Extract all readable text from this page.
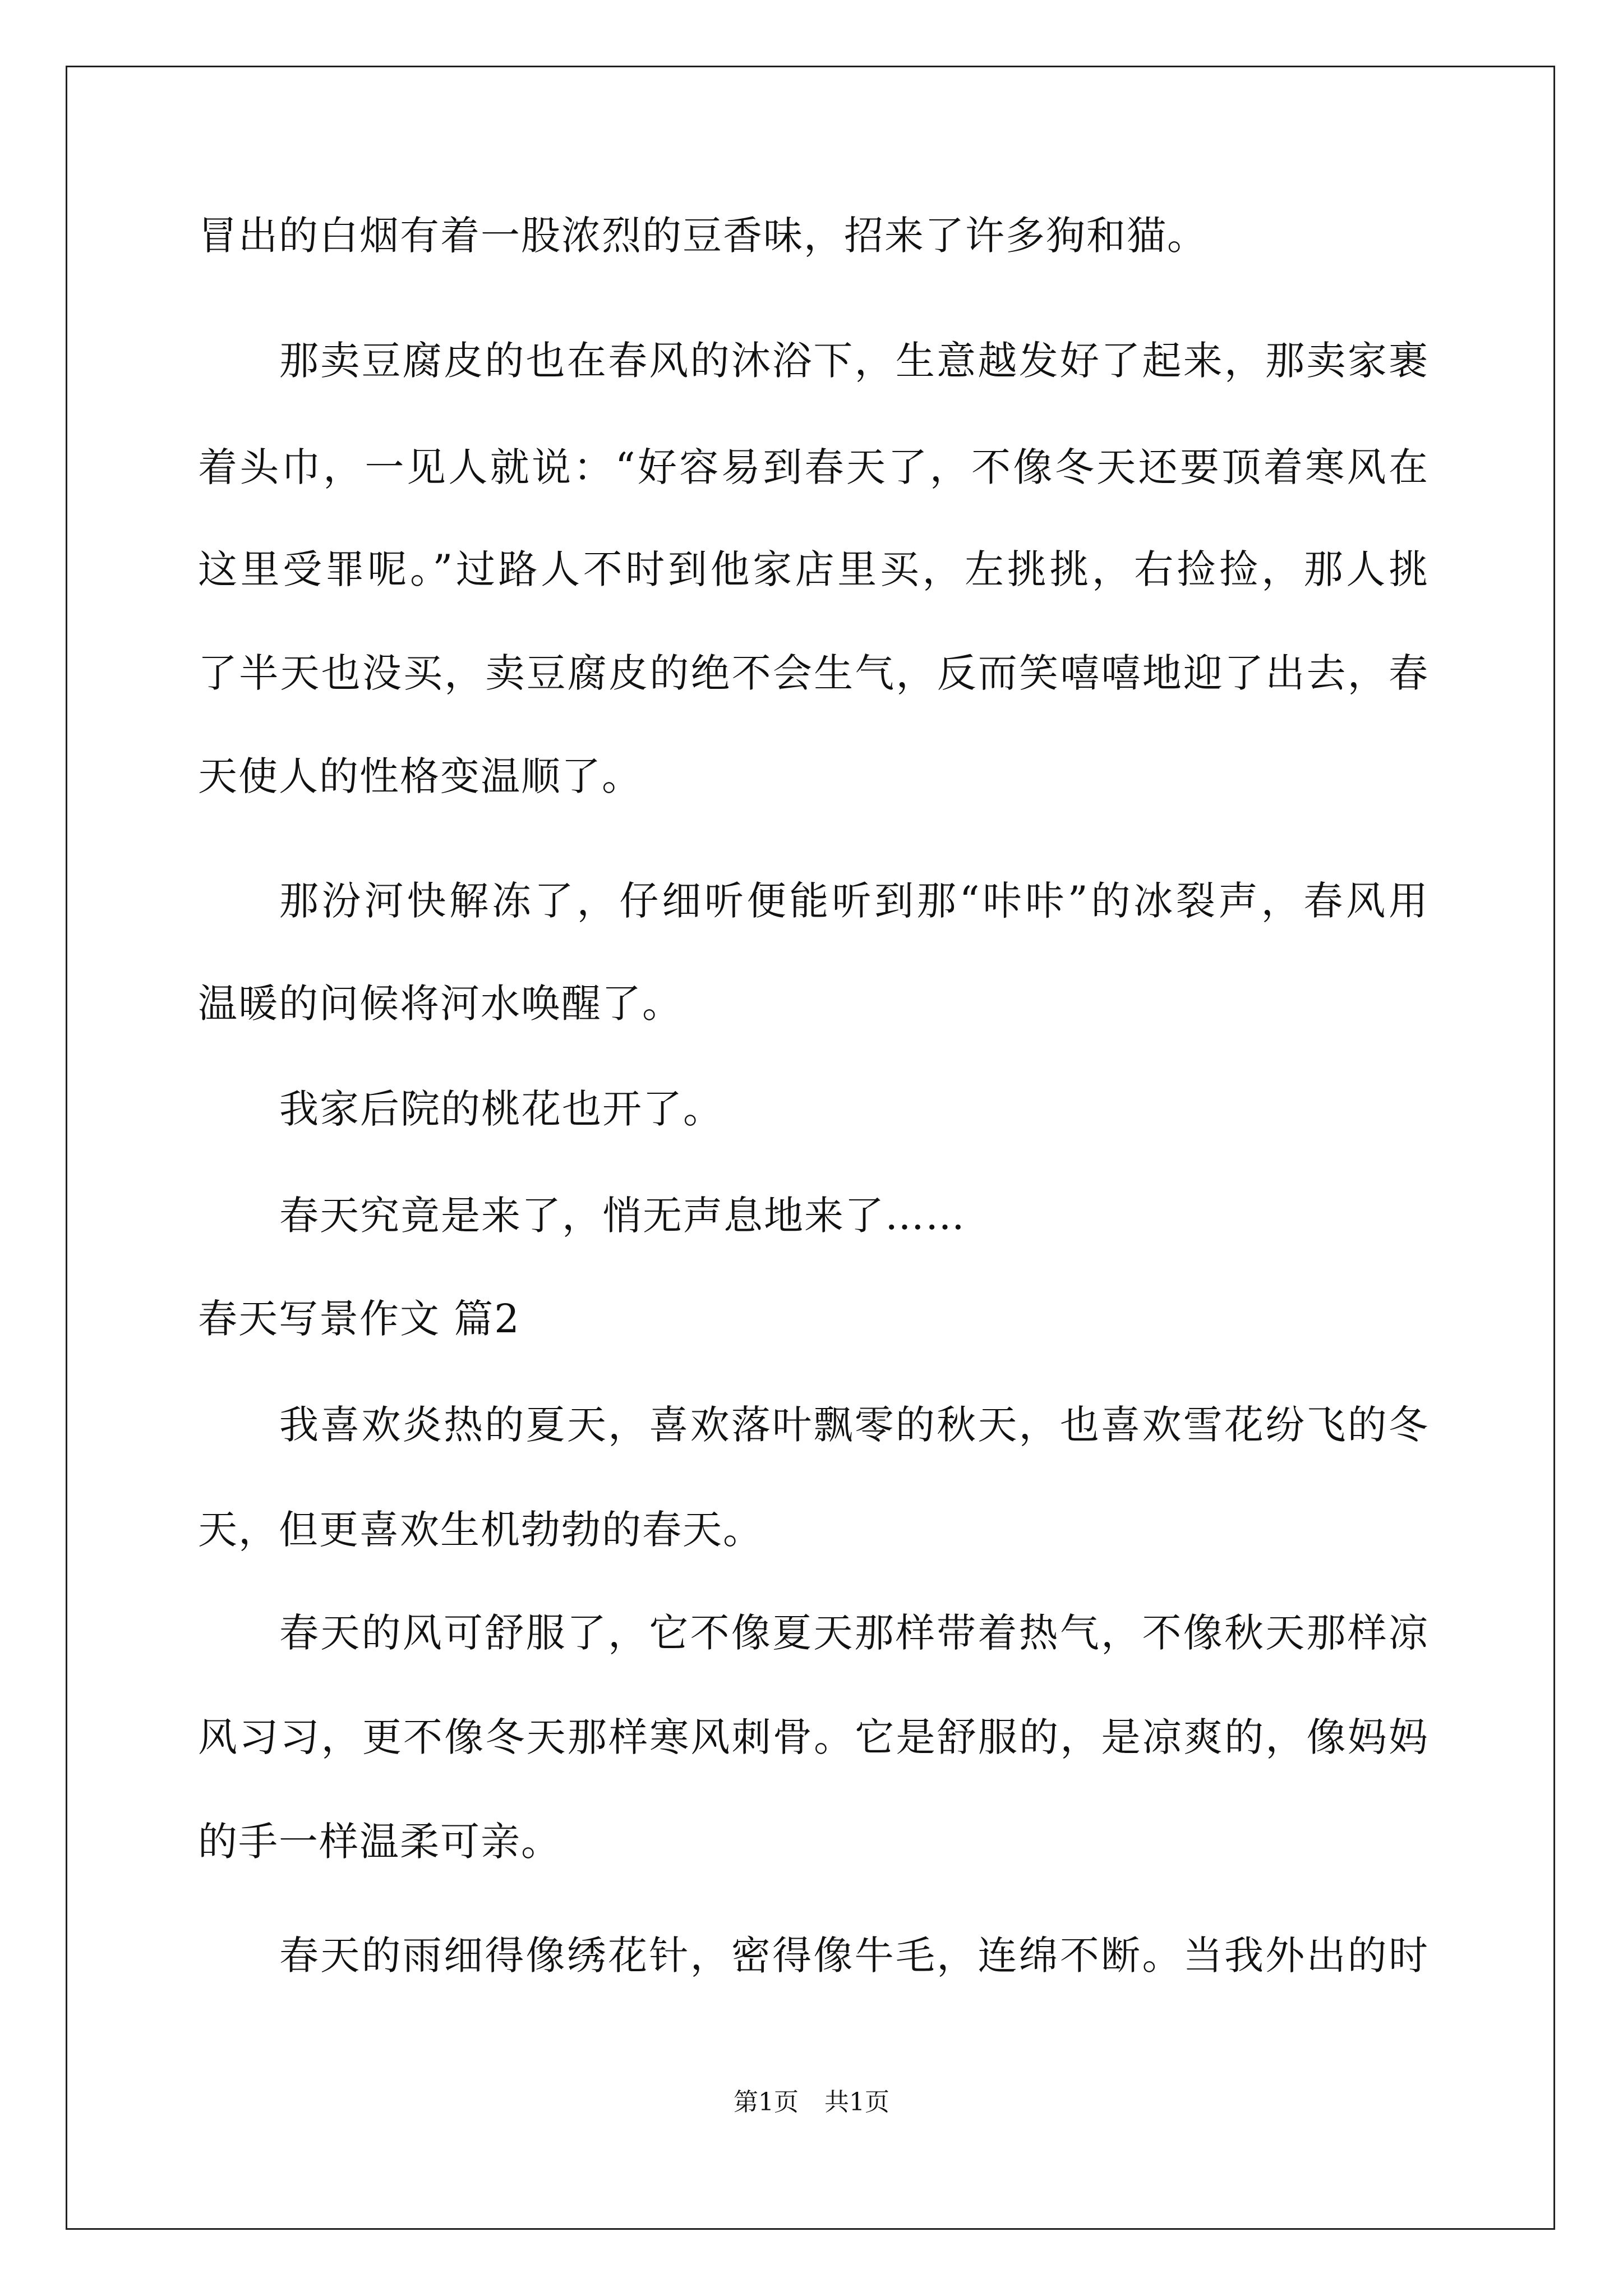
冒出的白烟有着一股浓烈的豆香味，招来了许多狗和猫。
那卖豆腐皮的也在春风的沐浴下，生意越发好了起来，那卖家裹
着头巾，一见人就说：“好容易到春天了，不像冬天还要顶着寒风在
这里受罪呢。”过路人不时到他家店里买，左挑挑，右捡捡，那人挑
了半天也没买，卖豆腐皮的绝不会生气，反而笑嘻嘻地迎了出去，春
天使人的性格变温顺了。
那汾河快解冻了，仔细听便能听到那“咔咔”的冰裂声，春风用
温暖的问候将河水唤醒了。
我家后院的桃花也开了。
春天究竟是来了，悄无声息地来了……
春天写景作文 篇2
我喜欢炎热的夏天，喜欢落叶飘零的秋天，也喜欢雪花纷飞的冬
天，但更喜欢生机勃勃的春天。
春天的风可舒服了，它不像夏天那样带着热气，不像秋天那样凉
风习习，更不像冬天那样寒风刺骨。它是舒服的，是凉爽的，像妈妈
的手一样温柔可亲。
春天的雨细得像绣花针，密得像牛毛，连绵不断。当我外出的时
第1页 共1页
